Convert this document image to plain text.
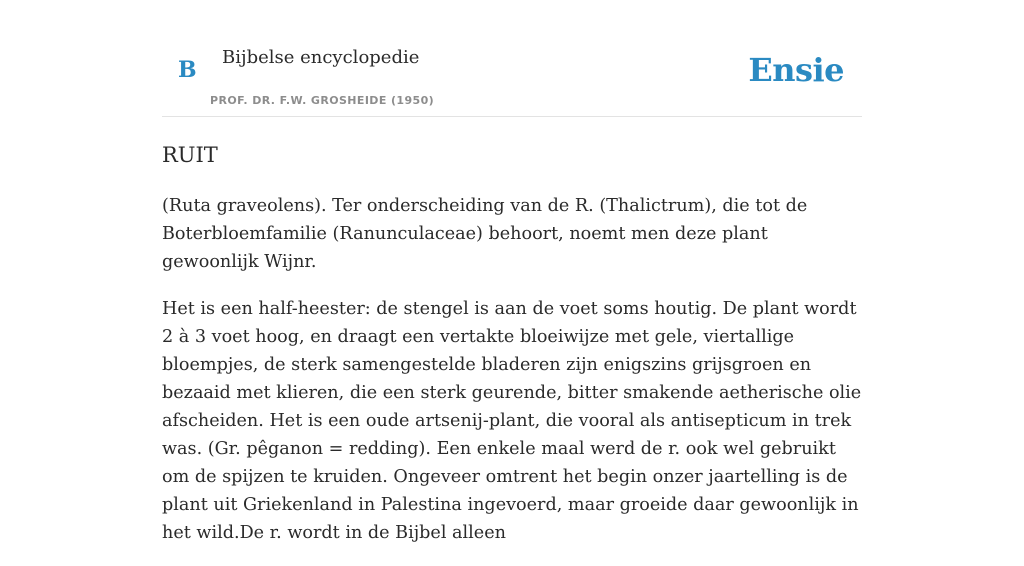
B Bijbelse encyclopedie
PROF. DR. F.W. GROSHEIDE (1950)
Ensie
RUIT

(Ruta graveolens). Ter onderscheiding van de R. (Thalictrum), die tot de Boterbloemfamilie (Ranunculaceae) behoort, noemt men deze plant gewoonlijk Wijnr.

Het is een half-heester: de stengel is aan de voet soms houtig. De plant wordt 2 à 3 voet hoog, en draagt een vertakte bloeiwijze met gele, viertallige bloempjes, de sterk samengestelde bladeren zijn enigszins grijsgroen en bezaaid met klieren, die een sterk geurende, bitter smakende aetherische olie afscheiden. Het is een oude artsenij-plant, die vooral als antisepticum in trek was. (Gr. pêganon = redding). Een enkele maal werd de r. ook wel gebruikt om de spijzen te kruiden. Ongeveer omtrent het begin onzer jaartelling is de plant uit Griekenland in Palestina ingevoerd, maar groeide daar gewoonlijk in het wild.De r. wordt in de Bijbel alleen
